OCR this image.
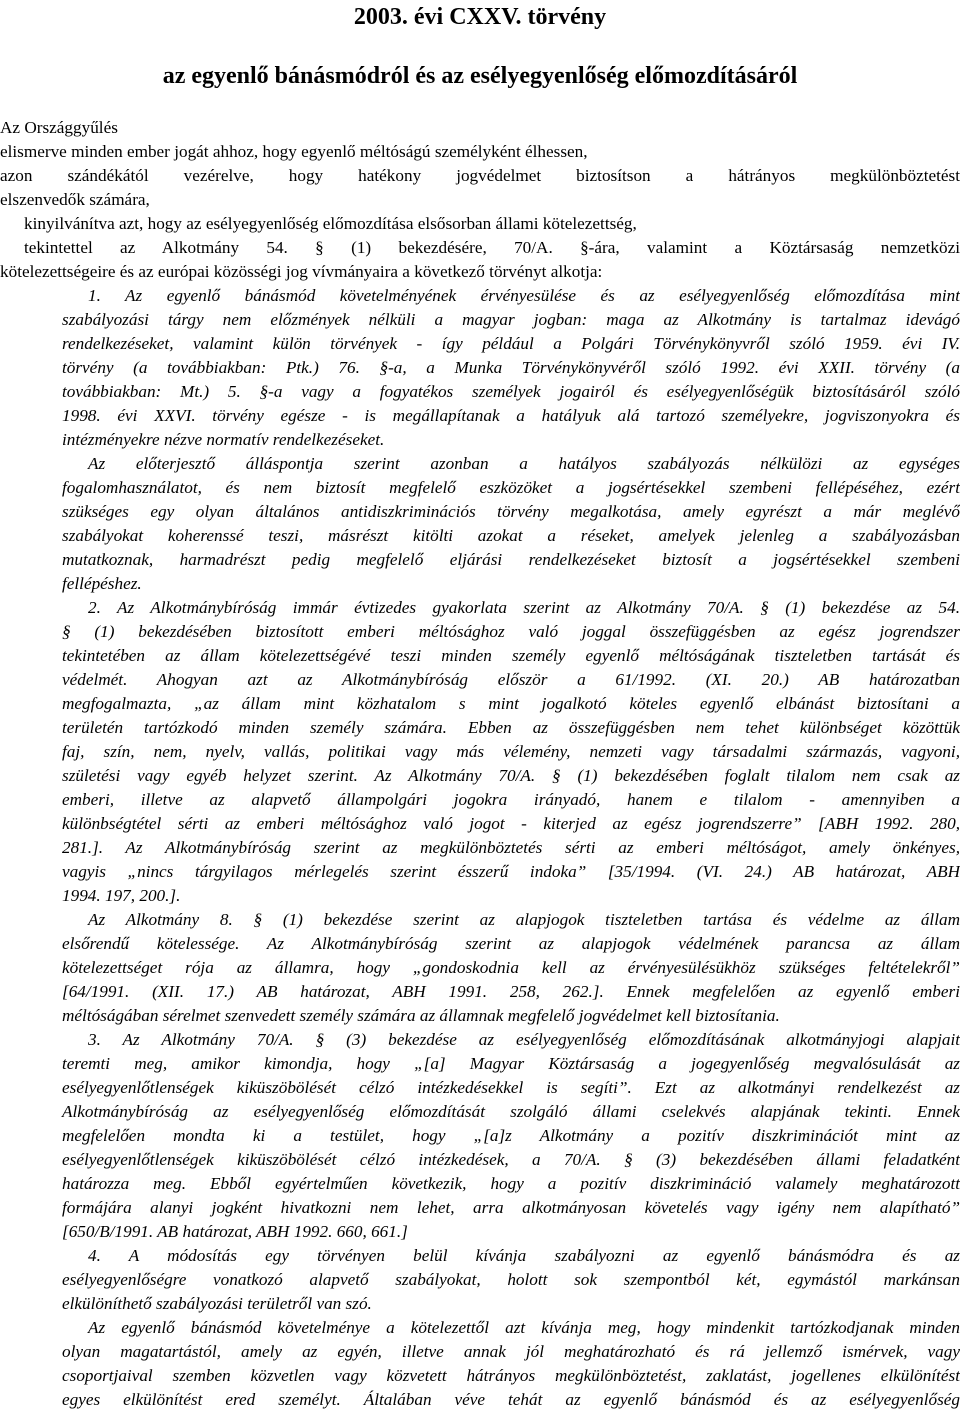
2003. évi CXXV. törvény
az egyenlő bánásmódról és az esélyegyenlőség előmozdításáról
Az Országgyűlés
elismerve minden ember jogát ahhoz, hogy egyenlő méltóságú személyként élhessen,
azon szándékától vezérelve, hogy hatékony jogvédelmet biztosítson a hátrányos megkülönböztetést
elszenvedők számára,
kinyilvánítva azt, hogy az esélyegyenlőség előmozdítása elsősorban állami kötelezettség,
tekintettel az Alkotmány 54. § (1) bekezdésére, 70/A. §-ára, valamint a Köztársaság nemzetközi
kötelezettségeire és az európai közösségi jog vívmányaira a következő törvényt alkotja:
1. Az egyenlő bánásmód követelményének érvényesülése és az esélyegyenlőség előmozdítása mint
szabályozási tárgy nem előzmények nélküli a magyar jogban: maga az Alkotmány is tartalmaz idevágó
rendelkezéseket, valamint külön törvények - így például a Polgári Törvénykönyvről szóló 1959. évi IV.
törvény (a továbbiakban: Ptk.) 76. §-a, a Munka Törvénykönyvéről szóló 1992. évi XXII. törvény (a
továbbiakban: Mt.) 5. §-a vagy a fogyatékos személyek jogairól és esélyegyenlőségük biztosításáról szóló
1998. évi XXVI. törvény egésze - is megállapítanak a hatályuk alá tartozó személyekre, jogviszonyokra és
intézményekre nézve normatív rendelkezéseket.
Az előterjesztő álláspontja szerint azonban a hatályos szabályozás nélkülözi az egységes
fogalomhasználatot, és nem biztosít megfelelő eszközöket a jogsértésekkel szembeni fellépéséhez, ezért
szükséges egy olyan általános antidiszkriminációs törvény megalkotása, amely egyrészt a már meglévő
szabályokat koherenssé teszi, másrészt kitölti azokat a réseket, amelyek jelenleg a szabályozásban
mutatkoznak, harmadrészt pedig megfelelő eljárási rendelkezéseket biztosít a jogsértésekkel szembeni
fellépéshez.
2. Az Alkotmánybíróság immár évtizedes gyakorlata szerint az Alkotmány 70/A. § (1) bekezdése az 54.
§ (1) bekezdésében biztosított emberi méltósághoz való joggal összefüggésben az egész jogrendszer
tekintetében az állam kötelezettségévé teszi minden személy egyenlő méltóságának tiszteletben tartását és
védelmét. Ahogyan azt az Alkotmánybíróság először a 61/1992. (XI. 20.) AB határozatban
megfogalmazta, „az állam mint közhatalom s mint jogalkotó köteles egyenlő elbánást biztosítani a
területén tartózkodó minden személy számára. Ebben az összefüggésben nem tehet különbséget közöttük
faj, szín, nem, nyelv, vallás, politikai vagy más vélemény, nemzeti vagy társadalmi származás, vagyoni,
születési vagy egyéb helyzet szerint. Az Alkotmány 70/A. § (1) bekezdésében foglalt tilalom nem csak az
emberi, illetve az alapvető állampolgári jogokra irányadó, hanem e tilalom - amennyiben a
különbségtétel sérti az emberi méltósághoz való jogot - kiterjed az egész jogrendszerre” [ABH 1992. 280,
281.]. Az Alkotmánybíróság szerint az megkülönböztetés sérti az emberi méltóságot, amely önkényes,
vagyis „nincs tárgyilagos mérlegelés szerint ésszerű indoka” [35/1994. (VI. 24.) AB határozat, ABH
1994. 197, 200.].
Az Alkotmány 8. § (1) bekezdése szerint az alapjogok tiszteletben tartása és védelme az állam
elsőrendű kötelessége. Az Alkotmánybíróság szerint az alapjogok védelmének parancsa az állam
kötelezettséget rója az államra, hogy „gondoskodnia kell az érvényesülésükhöz szükséges feltételekről”
[64/1991. (XII. 17.) AB határozat, ABH 1991. 258, 262.]. Ennek megfelelően az egyenlő emberi
méltóságában sérelmet szenvedett személy számára az államnak megfelelő jogvédelmet kell biztosítania.
3. Az Alkotmány 70/A. § (3) bekezdése az esélyegyenlőség előmozdításának alkotmányjogi alapjait
teremti meg, amikor kimondja, hogy „[a] Magyar Köztársaság a jogegyenlőség megvalósulását az
esélyegyenlőtlenségek kiküszöbölését célzó intézkedésekkel is segíti”. Ezt az alkotmányi rendelkezést az
Alkotmánybíróság az esélyegyenlőség előmozdítását szolgáló állami cselekvés alapjának tekinti. Ennek
megfelelően mondta ki a testület, hogy „[a]z Alkotmány a pozitív diszkriminációt mint az
esélyegyenlőtlenségek kiküszöbölését célzó intézkedések, a 70/A. § (3) bekezdésében állami feladatként
határozza meg. Ebből egyértelműen következik, hogy a pozitív diszkrimináció valamely meghatározott
formájára alanyi jogként hivatkozni nem lehet, arra alkotmányosan követelés vagy igény nem alapítható”
[650/B/1991. AB határozat, ABH 1992. 660, 661.]
4. A módosítás egy törvényen belül kívánja szabályozni az egyenlő bánásmódra és az
esélyegyenlőségre vonatkozó alapvető szabályokat, holott sok szempontból két, egymástól markánsan
elkülöníthető szabályozási területről van szó.
Az egyenlő bánásmód követelménye a kötelezettől azt kívánja meg, hogy mindenkit tartózkodjanak minden
olyan magatartástól, amely az egyén, illetve annak jól meghatározható és rá jellemző ismérvek, vagy
csoportjaival szemben közvetlen vagy közvetett hátrányos megkülönböztetést, zaklatást, jogellenes elkülönítést
egyes elkülönítést ered személyt. Általában véve tehát az egyenlő bánásmód és az esélyegyenlőség
